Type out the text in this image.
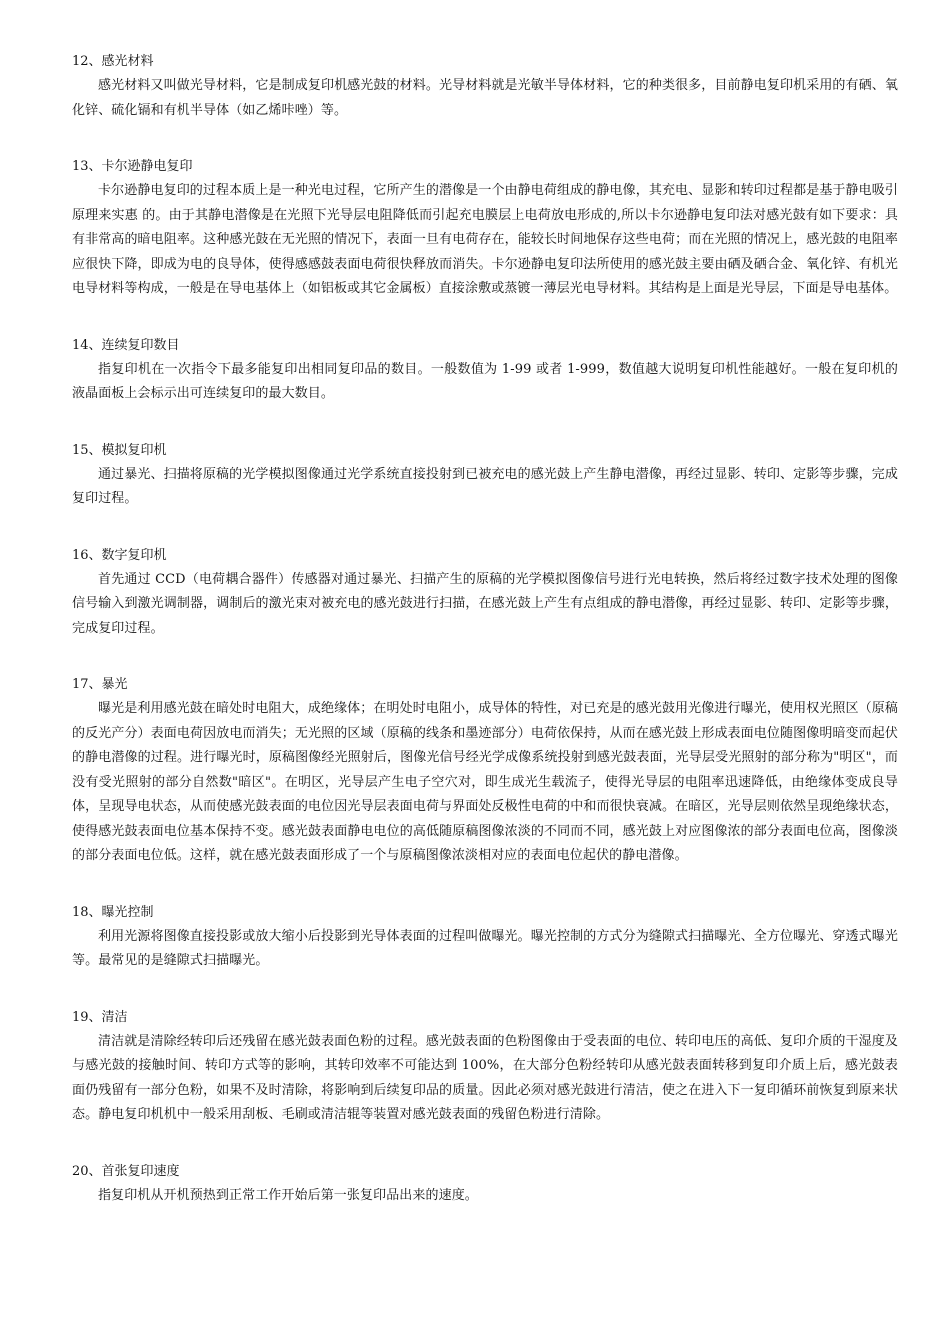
12、感光材料

感光材料又叫做光导材料，它是制成复印机感光鼓的材料。光导材料就是光敏半导体材料，它的种类很多，目前静电复印机采用的有硒、氧化锌、硫化镉和有机半导体（如乙烯咔唑）等。

13、卡尔逊静电复印

卡尔逊静电复印的过程本质上是一种光电过程，它所产生的潜像是一个由静电荷组成的静电像，其充电、显影和转印过程都是基于静电吸引原理来实惠 的。由于其静电潜像是在光照下光导层电阻降低而引起充电膜层上电荷放电形成的,所以卡尔逊静电复印法对感光鼓有如下要求：具有非常高的暗电阻率。这种感光鼓在无光照的情况下，表面一旦有电荷存在，能较长时间地保存这些电荷；而在光照的情况上，感光鼓的电阻率应很快下降，即成为电的良导体，使得感感鼓表面电荷很快释放而消失。卡尔逊静电复印法所使用的感光鼓主要由硒及硒合金、氧化锌、有机光电导材料等构成，一般是在导电基体上（如铝板或其它金属板）直接涂敷或蒸镀一薄层光电导材料。其结构是上面是光导层，下面是导电基体。

14、连续复印数目

指复印机在一次指令下最多能复印出相同复印品的数目。一般数值为 1-99 或者 1-999，数值越大说明复印机性能越好。一般在复印机的液晶面板上会标示出可连续复印的最大数目。

15、模拟复印机

通过暴光、扫描将原稿的光学模拟图像通过光学系统直接投射到已被充电的感光鼓上产生静电潜像，再经过显影、转印、定影等步骤，完成复印过程。

16、数字复印机

首先通过 CCD（电荷耦合器件）传感器对通过暴光、扫描产生的原稿的光学模拟图像信号进行光电转换，然后将经过数字技术处理的图像信号输入到激光调制器，调制后的激光束对被充电的感光鼓进行扫描，在感光鼓上产生有点组成的静电潜像，再经过显影、转印、定影等步骤，完成复印过程。

17、暴光

曝光是利用感光鼓在暗处时电阻大，成绝缘体；在明处时电阻小，成导体的特性，对已充是的感光鼓用光像进行曝光，使用权光照区（原稿的反光产分）表面电荷因放电而消失；无光照的区域（原稿的线条和墨迹部分）电荷依保持，从而在感光鼓上形成表面电位随图像明暗变而起伏的静电潜像的过程。进行曝光时，原稿图像经光照射后，图像光信号经光学成像系统投射到感光鼓表面，光导层受光照射的部分称为"明区"，而没有受光照射的部分自然数"暗区"。在明区，光导层产生电子空穴对，即生成光生载流子，使得光导层的电阻率迅速降低，由绝缘体变成良导体，呈现导电状态，从而使感光鼓表面的电位因光导层表面电荷与界面处反极性电荷的中和而很快衰减。在暗区，光导层则依然呈现绝缘状态，使得感光鼓表面电位基本保持不变。感光鼓表面静电电位的高低随原稿图像浓淡的不同而不同，感光鼓上对应图像浓的部分表面电位高，图像淡的部分表面电位低。这样，就在感光鼓表面形成了一个与原稿图像浓淡相对应的表面电位起伏的静电潜像。

18、曝光控制

利用光源将图像直接投影或放大缩小后投影到光导体表面的过程叫做曝光。曝光控制的方式分为缝隙式扫描曝光、全方位曝光、穿透式曝光等。最常见的是缝隙式扫描曝光。

19、清洁

清洁就是清除经转印后还残留在感光鼓表面色粉的过程。感光鼓表面的色粉图像由于受表面的电位、转印电压的高低、复印介质的干湿度及与感光鼓的接触时间、转印方式等的影响，其转印效率不可能达到 100%，在大部分色粉经转印从感光鼓表面转移到复印介质上后，感光鼓表面仍残留有一部分色粉，如果不及时清除，将影响到后续复印品的质量。因此必须对感光鼓进行清洁，使之在进入下一复印循环前恢复到原来状态。静电复印机机中一般采用刮板、毛刷或清洁辊等装置对感光鼓表面的残留色粉进行清除。

20、首张复印速度

指复印机从开机预热到正常工作开始后第一张复印品出来的速度。
